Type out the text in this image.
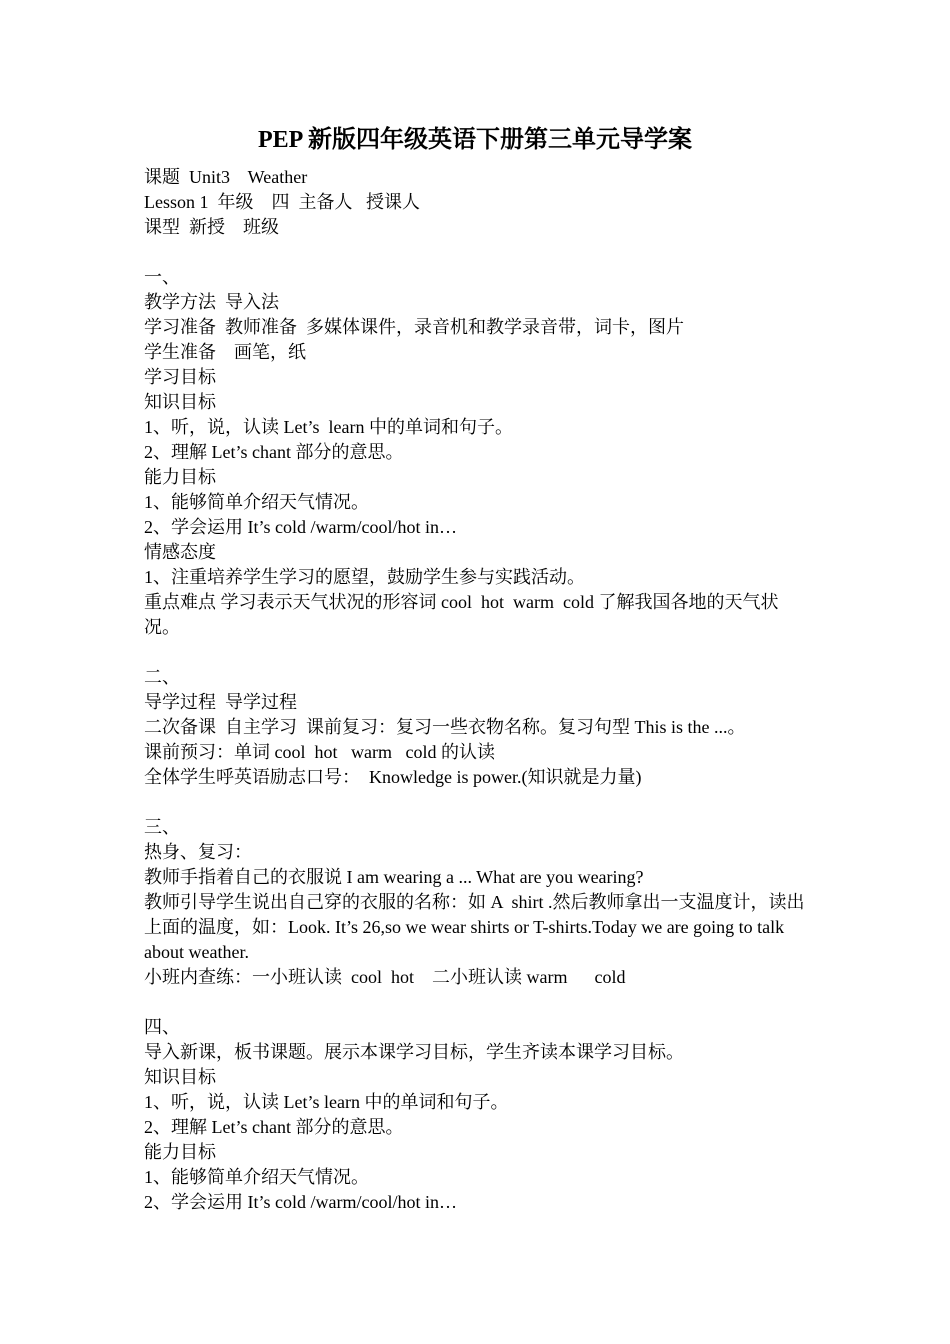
PEP 新版四年级英语下册第三单元导学案

课题  Unit3    Weather

Lesson 1  年级    四  主备人   授课人

课型  新授    班级

一、

教学方法  导入法

学习准备  教师准备  多媒体课件，录音机和教学录音带，词卡，图片

学生准备    画笔，纸

学习目标

知识目标

1、听，说，认读 Let’s  learn 中的单词和句子。

2、理解 Let’s chant 部分的意思。

能力目标

1、能够简单介绍天气情况。

2、学会运用 It’s cold /warm/cool/hot in…

情感态度

1、注重培养学生学习的愿望，鼓励学生参与实践活动。

重点难点 学习表示天气状况的形容词 cool  hot  warm  cold 了解我国各地的天气状况。

二、

导学过程  导学过程

二次备课  自主学习  课前复习：复习一些衣物名称。复习句型 This is the ...。

课前预习：单词 cool  hot   warm   cold 的认读

全体学生呼英语励志口号：  Knowledge is power.(知识就是力量)

三、

热身、复习：

教师手指着自己的衣服说 I am wearing a ... What are you wearing?

教师引导学生说出自己穿的衣服的名称：如 A  shirt .然后教师拿出一支温度计，读出上面的温度，如：Look. It’s 26,so we wear shirts or T-shirts.Today we are going to talk about weather.

小班内查练：一小班认读  cool  hot    二小班认读 warm      cold

四、

导入新课，板书课题。展示本课学习目标，学生齐读本课学习目标。

知识目标

1、听，说，认读 Let’s learn 中的单词和句子。

2、理解 Let’s chant 部分的意思。

能力目标

1、能够简单介绍天气情况。

2、学会运用 It’s cold /warm/cool/hot in…
